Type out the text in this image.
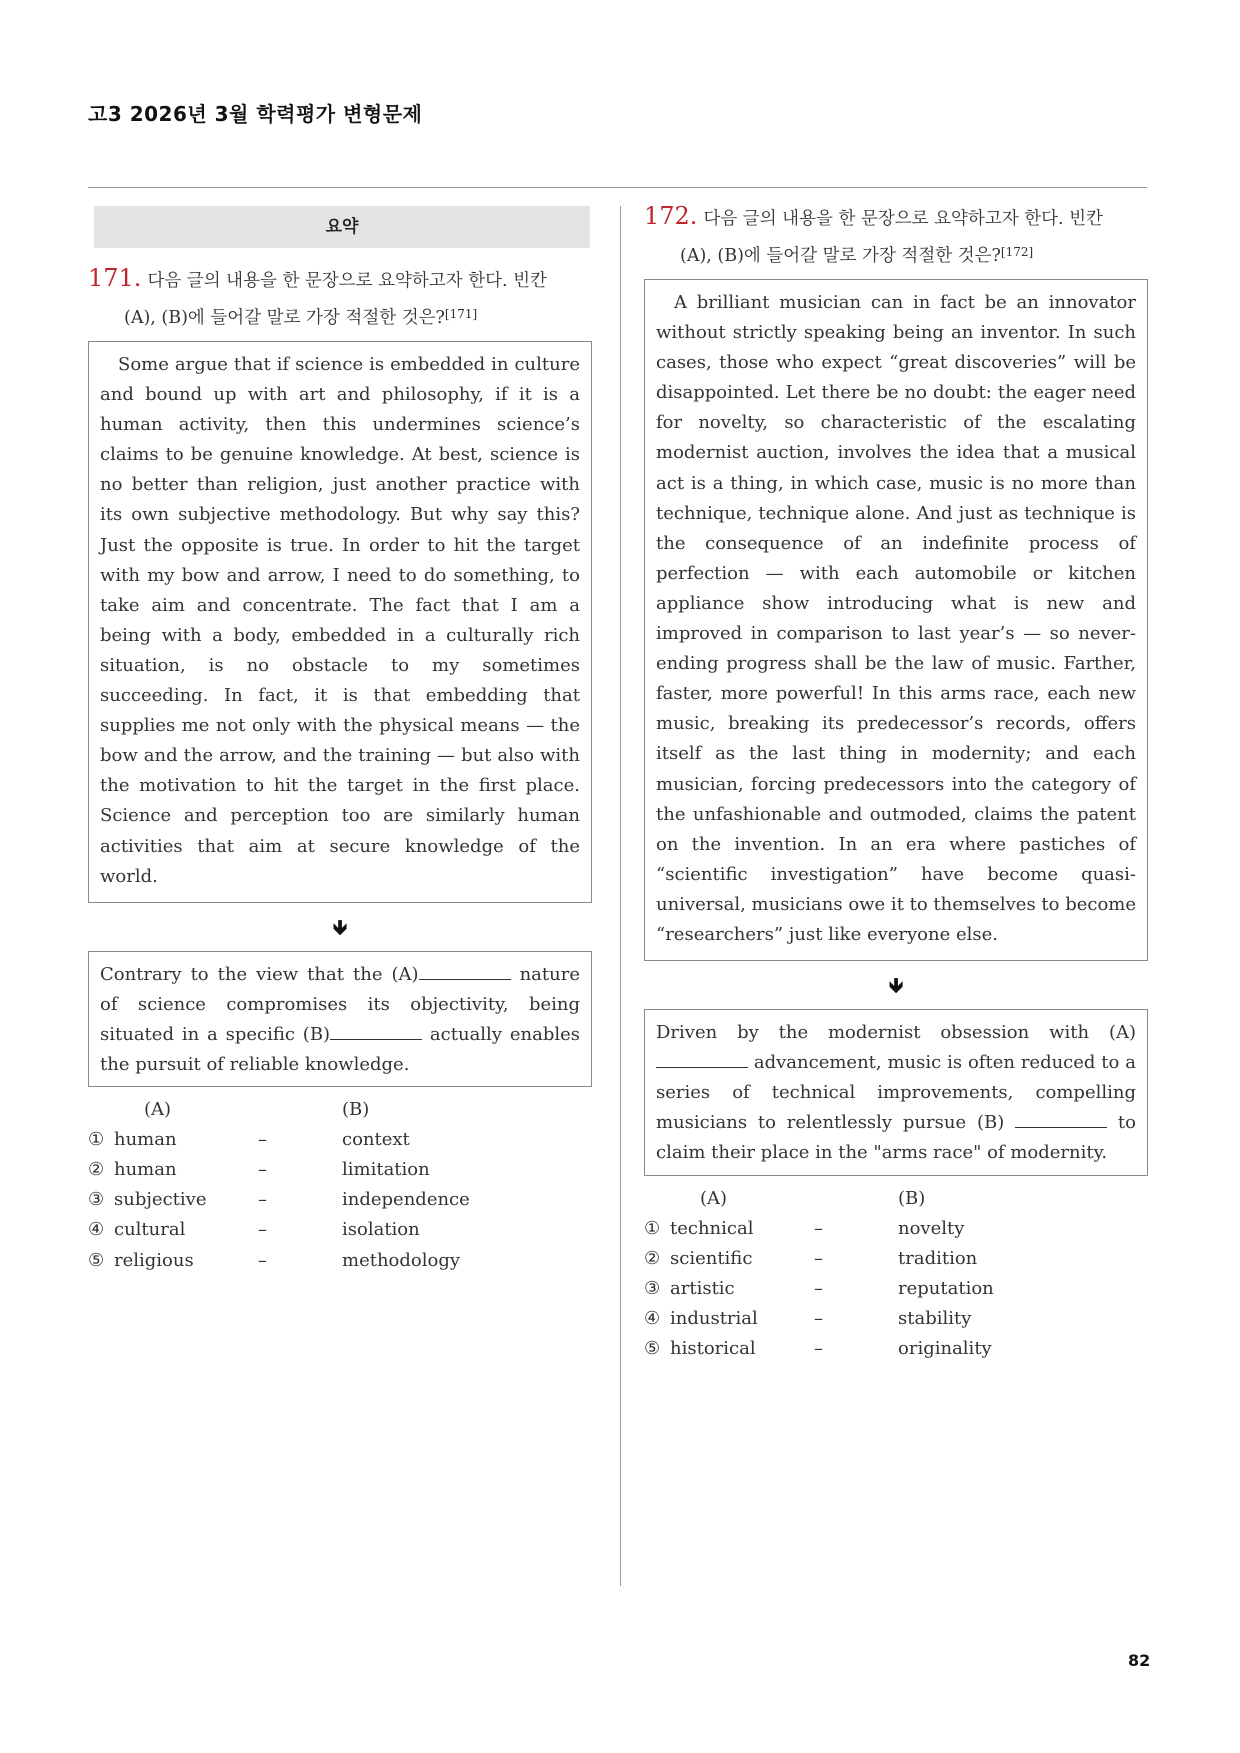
고3 2026년 3월 학력평가 변형문제
요약
171. 다음 글의 내용을 한 문장으로 요약하고자 한다. 빈칸
(A), (B)에 들어갈 말로 가장 적절한 것은?[171]
Some argue that if science is embedded in culture and bound up with art and philosophy, if it is a human activity, then this undermines science’s claims to be genuine knowledge. At best, science is no better than religion, just another practice with its own subjective methodology. But why say this? Just the opposite is true. In order to hit the target with my bow and arrow, I need to do something, to take aim and concentrate. The fact that I am a being with a body, embedded in a culturally rich situation, is no obstacle to my sometimes succeeding. In fact, it is that embedding that supplies me not only with the physical means — the bow and the arrow, and the training — but also with the motivation to hit the target in the first place. Science and perception too are similarly human activities that aim at secure knowledge of the world.
🡻
Contrary to the view that the (A)	nature of science compromises its objectivity, being situated in a specific (B)	actually enables the pursuit of reliable knowledge.
(A)	(B)
① human	–	context
② human	–	limitation
③ subjective	–	independence
④ cultural	–	isolation
⑤ religious	–	methodology
172. 다음 글의 내용을 한 문장으로 요약하고자 한다. 빈칸
(A), (B)에 들어갈 말로 가장 적절한 것은?[172]
A brilliant musician can in fact be an innovator without strictly speaking being an inventor. In such cases, those who expect “great discoveries” will be disappointed. Let there be no doubt: the eager need for novelty, so characteristic of the escalating modernist auction, involves the idea that a musical act is a thing, in which case, music is no more than technique, technique alone. And just as technique is the consequence of an indefinite process of perfection — with each automobile or kitchen appliance show introducing what is new and improved in comparison to last year’s — so never-ending progress shall be the law of music. Farther, faster, more powerful! In this arms race, each new music, breaking its predecessor’s records, offers itself as the last thing in modernity; and each musician, forcing predecessors into the category of the unfashionable and outmoded, claims the patent on the invention. In an era where pastiches of “scientific investigation” have become quasi-universal, musicians owe it to themselves to become “researchers” just like everyone else.
🡻
Driven by the modernist obsession with (A)  advancement, music is often reduced to a series of technical improvements, compelling musicians to relentlessly pursue (B)	to claim their place in the "arms race" of modernity.
(A)	(B)
① technical	–	novelty
② scientific	–	tradition
③ artistic	–	reputation
④ industrial	–	stability
⑤ historical	–	originality
82
